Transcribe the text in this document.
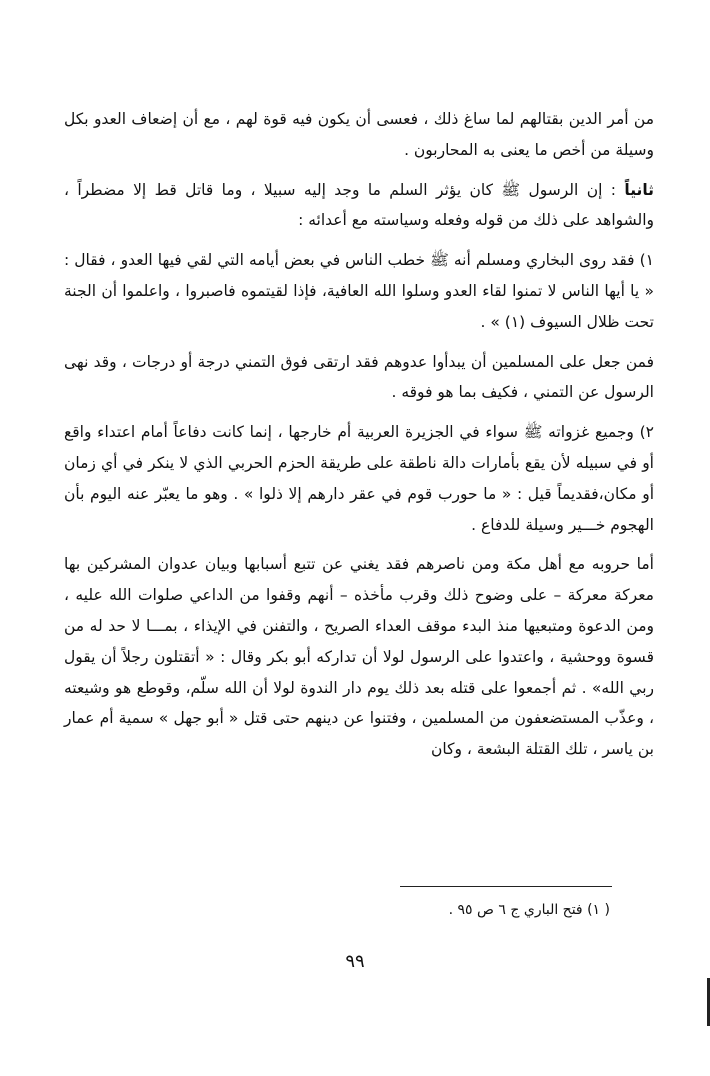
من أمر الدين بقتالهم لما ساغ ذلك ، فعسى أن يكون فيه قوة لهم ، مع أن إضعاف العدو بكل وسيلة من أخص ما يعنى به المحاربون .

ثانياً : إن الرسول ﷺ كان يؤثر السلم ما وجد إليه سبيلا ، وما قاتل قط إلا مضطراً ، والشواهد على ذلك من قوله وفعله وسياسته مع أعدائه :

١) فقد روى البخاري ومسلم أنه ﷺ خطب الناس في بعض أيامه التي لقي فيها العدو ، فقال : « يا أيها الناس لا تمنوا لقاء العدو وسلوا الله العافية، فإذا لقيتموه فاصبروا ، واعلموا أن الجنة تحت ظلال السيوف (١) » .

فمن جعل على المسلمين أن يبدأوا عدوهم فقد ارتقى فوق التمني درجة أو درجات ، وقد نهى الرسول عن التمني ، فكيف بما هو فوقه .

٢) وجميع غزواته ﷺ سواء في الجزيرة العربية أم خارجها ، إنما كانت دفاعاً أمام اعتداء واقع أو في سبيله لأن يقع بأمارات دالة ناطقة على طريقة الحزم الحربي الذي لا ينكر في أي زمان أو مكان،فقديماً قيل : « ما حورب قوم في عقر دارهم إلا ذلوا » . وهو ما يعبّر عنه اليوم بأن الهجوم خـــير وسيلة للدفاع .

أما حروبه مع أهل مكة ومن ناصرهم فقد يغني عن تتبع أسبابها وبيان عدوان المشركين بها معركة معركة – على وضوح ذلك وقرب مأخذه – أنهم وقفوا من الداعي صلوات الله عليه ، ومن الدعوة ومتبعيها منذ البدء موقف العداء الصريح ، والتفنن في الإيذاء ، بمـــا لا حد له من قسوة ووحشية ، واعتدوا على الرسول لولا أن تداركه أبو بكر وقال : « أتقتلون رجلاً أن يقول ربي الله» . ثم أجمعوا على قتله بعد ذلك يوم دار الندوة لولا أن الله سلّم، وقوطع هو وشيعته ، وعذّب المستضعفون من المسلمين ، وفتنوا عن دينهم حتى قتل « أبو جهل » سمية أم عمار بن ياسر ، تلك القتلة البشعة ، وكان

( ١) فتح الباري ج ٦ ص ٩٥ .
٩٩
